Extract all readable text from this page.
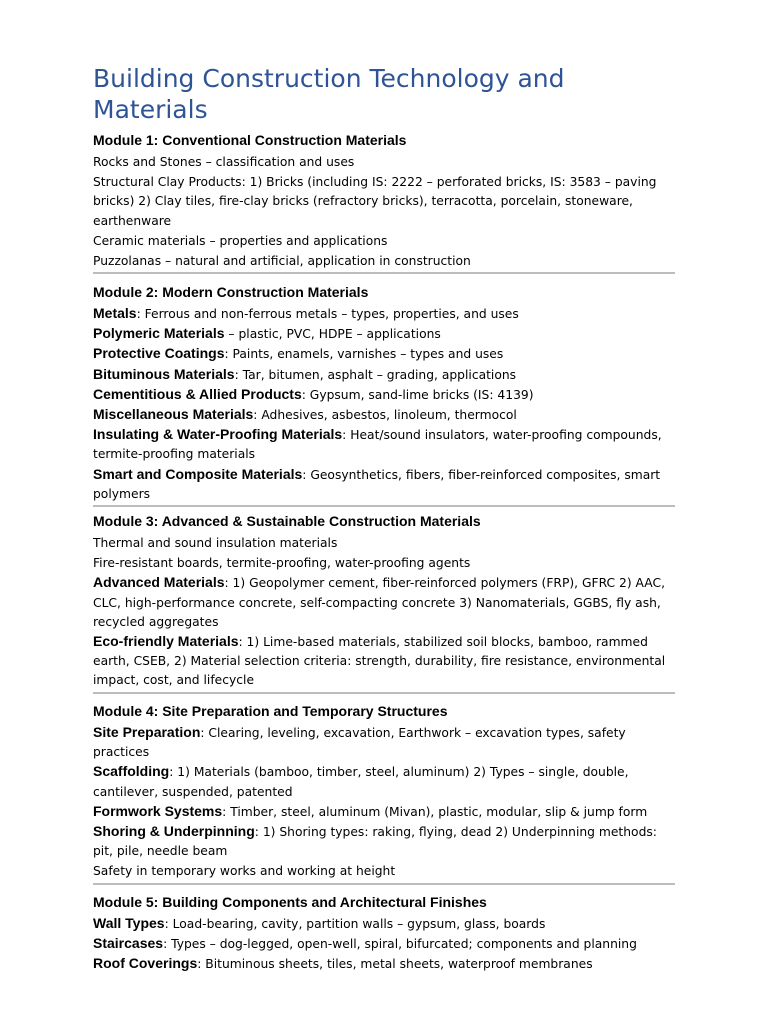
Building Construction Technology and Materials
Module 1: Conventional Construction Materials
Rocks and Stones – classification and uses
Structural Clay Products: 1) Bricks (including IS: 2222 – perforated bricks, IS: 3583 – paving bricks) 2) Clay tiles, fire-clay bricks (refractory bricks), terracotta, porcelain, stoneware, earthenware
Ceramic materials – properties and applications
Puzzolanas – natural and artificial, application in construction
Module 2: Modern Construction Materials
Metals: Ferrous and non-ferrous metals – types, properties, and uses
Polymeric Materials – plastic, PVC, HDPE – applications
Protective Coatings: Paints, enamels, varnishes – types and uses
Bituminous Materials: Tar, bitumen, asphalt – grading, applications
Cementitious & Allied Products: Gypsum, sand-lime bricks (IS: 4139)
Miscellaneous Materials: Adhesives, asbestos, linoleum, thermocol
Insulating & Water-Proofing Materials: Heat/sound insulators, water-proofing compounds, termite-proofing materials
Smart and Composite Materials: Geosynthetics, fibers, fiber-reinforced composites, smart polymers
Module 3: Advanced & Sustainable Construction Materials
Thermal and sound insulation materials
Fire-resistant boards, termite-proofing, water-proofing agents
Advanced Materials: 1) Geopolymer cement, fiber-reinforced polymers (FRP), GFRC 2) AAC, CLC, high-performance concrete, self-compacting concrete 3) Nanomaterials, GGBS, fly ash, recycled aggregates
Eco-friendly Materials: 1) Lime-based materials, stabilized soil blocks, bamboo, rammed earth, CSEB, 2) Material selection criteria: strength, durability, fire resistance, environmental impact, cost, and lifecycle
Module 4: Site Preparation and Temporary Structures
Site Preparation: Clearing, leveling, excavation, Earthwork – excavation types, safety practices
Scaffolding: 1) Materials (bamboo, timber, steel, aluminum) 2) Types – single, double, cantilever, suspended, patented
Formwork Systems: Timber, steel, aluminum (Mivan), plastic, modular, slip & jump form
Shoring & Underpinning: 1) Shoring types: raking, flying, dead 2) Underpinning methods: pit, pile, needle beam
Safety in temporary works and working at height
Module 5: Building Components and Architectural Finishes
Wall Types: Load-bearing, cavity, partition walls – gypsum, glass, boards
Staircases: Types – dog-legged, open-well, spiral, bifurcated; components and planning
Roof Coverings: Bituminous sheets, tiles, metal sheets, waterproof membranes
